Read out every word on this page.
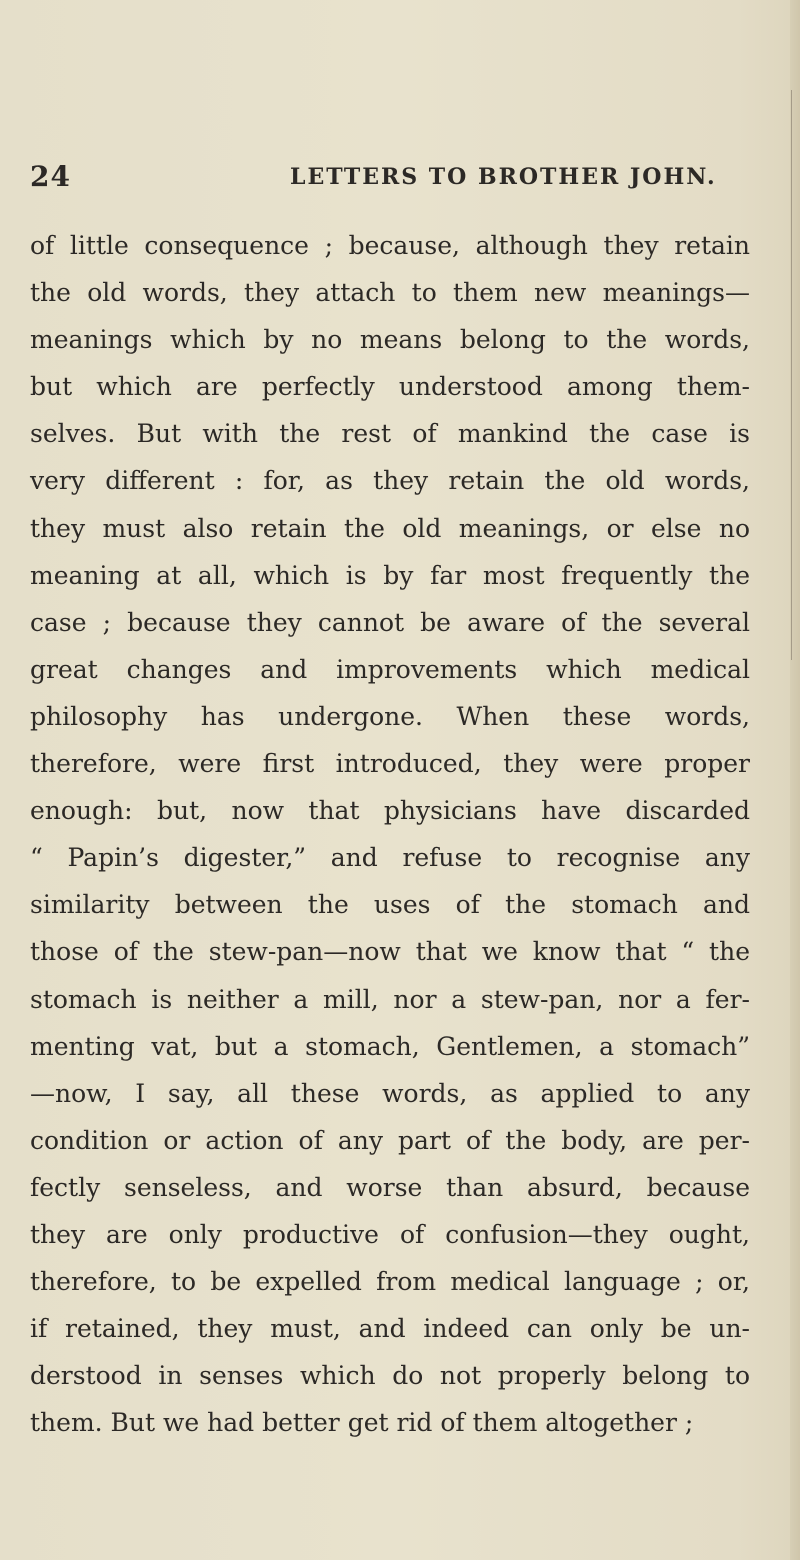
24	LETTERS TO BROTHER JOHN.
of little consequence ; because, although they retain
the old words, they attach to them new meanings—
meanings which by no means belong to the words,
but which are perfectly understood among them-
selves. But with the rest of mankind the case is
very different : for, as they retain the old words,
they must also retain the old meanings, or else no
meaning at all, which is by far most frequently the
case ; because they cannot be aware of the several
great changes and improvements which medical
philosophy has undergone. When these words,
therefore, were first introduced, they were proper
enough: but, now that physicians have discarded
“ Papin’s digester,” and refuse to recognise any
similarity between the uses of the stomach and
those of the stew-pan—now that we know that “ the
stomach is neither a mill, nor a stew-pan, nor a fer-
menting vat, but a stomach, Gentlemen, a stomach”
—now, I say, all these words, as applied to any
condition or action of any part of the body, are per-
fectly senseless, and worse than absurd, because
they are only productive of confusion—they ought,
therefore, to be expelled from medical language ; or,
if retained, they must, and indeed can only be un-
derstood in senses which do not properly belong to
them. But we had better get rid of them altogether ;
